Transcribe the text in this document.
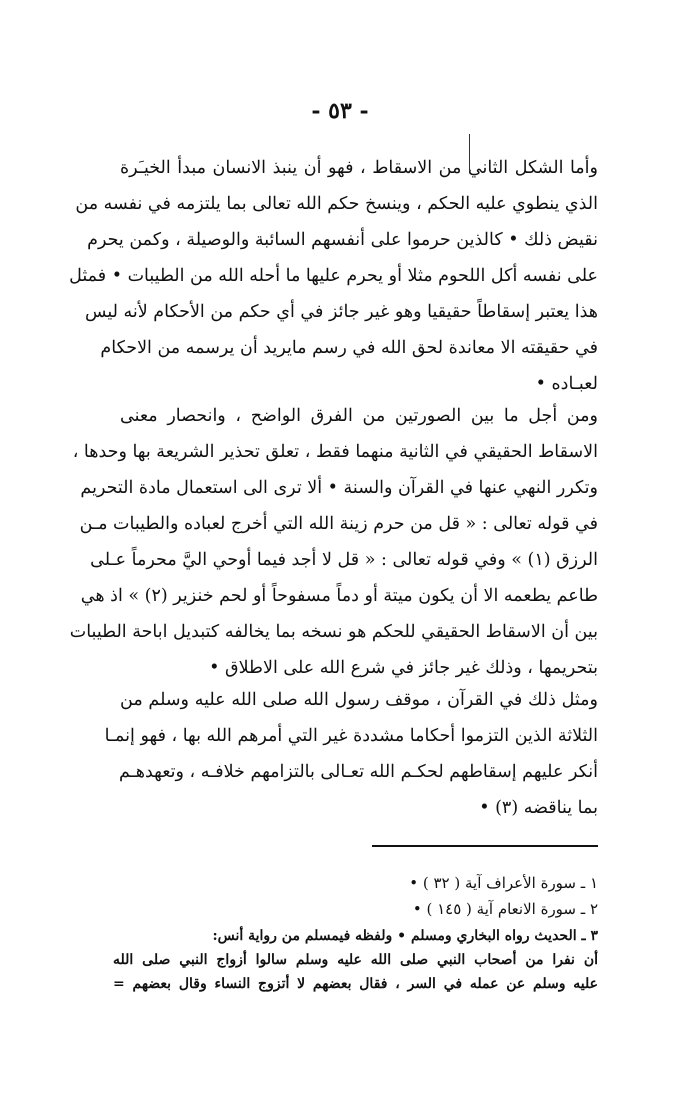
- ٥٣ -
وأما الشكل الثاني من الاسقاط ، فهو أن ينبذ الانسان مبدأ الخيـَرة
الذي ينطوي عليه الحكم ، وينسخ حكم الله تعالى بما يلتزمه في نفسه من
نقيض ذلك • كالذين حرموا على أنفسهم السائبة والوصيلة ، وكمن يحرم
على نفسه أكل اللحوم مثلا أو يحرم عليها ما أحله الله من الطيبات • فمثل
هذا يعتبر إسقاطاً حقيقيا وهو غير جائز في أي حكم من الأحكام لأنه ليس
في حقيقته الا معاندة لحق الله في رسم مايريد أن يرسمه من الاحكام
لعبـاده •
ومن أجل ما بين الصورتين من الفرق الواضح ، وانحصار معنى
الاسقاط الحقيقي في الثانية منهما فقط ، تعلق تحذير الشريعة بها وحدها ،
وتكرر النهي عنها في القرآن والسنة • ألا ترى الى استعمال مادة التحريم
في قوله تعالى : « قل من حرم زينة الله التي أخرج لعباده والطيبات مـن
الرزق (١) » وفي قوله تعالى : « قل لا أجد فيما أوحي اليَّ محرماً عـلى
طاعم يطعمه الا أن يكون ميتة أو دماً مسفوحاً أو لحم خنزير (٢) » اذ هي
بين أن الاسقاط الحقيقي للحكم هو نسخه بما يخالفه كتبديل اباحة الطيبات
بتحريمها ، وذلك غير جائز في شرع الله على الاطلاق •
ومثل ذلك في القرآن ، موقف رسول الله صلى الله عليه وسلم من
الثلاثة الذين التزموا أحكاما مشددة غير التي أمرهم الله بها ، فهو إنمـا
أنكر عليهم إسقاطهم لحكـم الله تعـالى بالتزامهم خلافـه ، وتعهدهـم
بما يناقضه (٣) •
١ ـ سورة الأعراف آية ( ٣٢ ) •
٢ ـ سورة الانعام آية ( ١٤٥ ) •
٣ ـ الحديث رواه البخاري ومسلم • ولفظه فيمسلم من رواية أنس:
أن نفرا من أصحاب النبي صلى الله عليه وسلم سالوا أزواج النبي صلى الله
عليه وسلم عن عمله في السر ، فقال بعضهم لا أتزوج النساء وقال بعضهم =
